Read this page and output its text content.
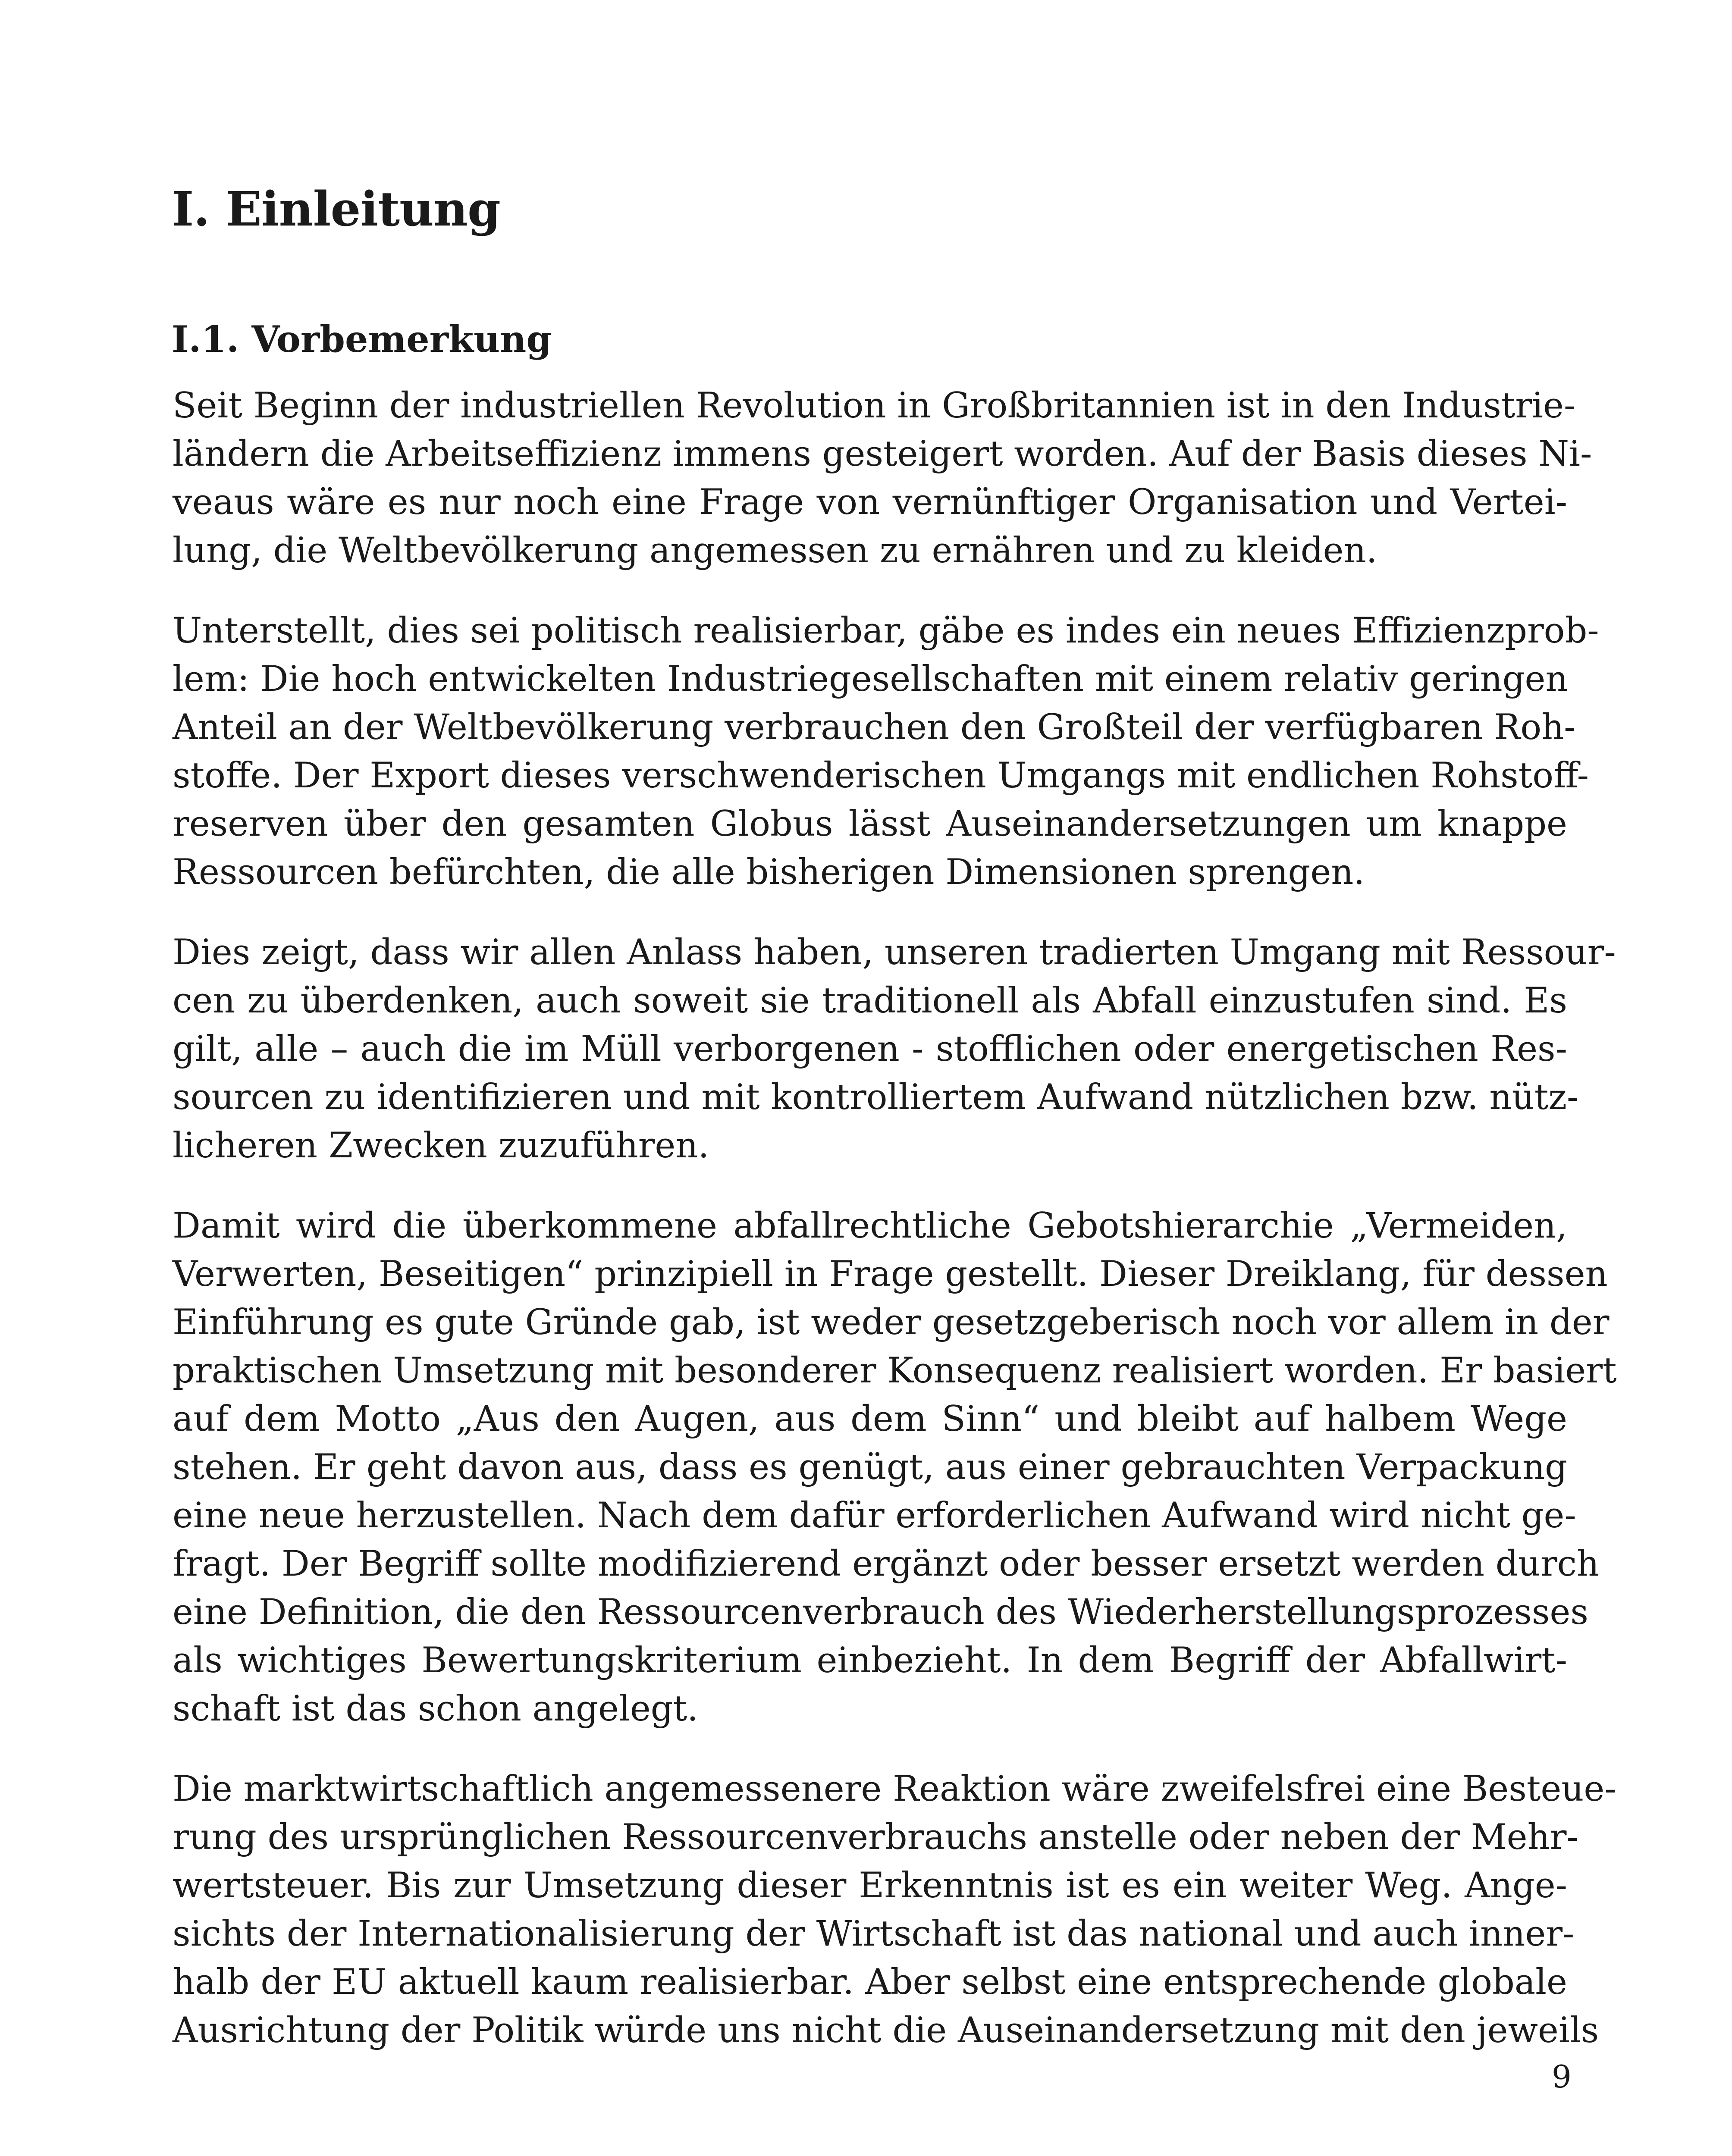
I. Einleitung
I.1. Vorbemerkung

Seit Beginn der industriellen Revolution in Großbritannien ist in den Industrie-
ländern die Arbeitseffizienz immens gesteigert worden. Auf der Basis dieses Ni-
veaus wäre es nur noch eine Frage von vernünftiger Organisation und Vertei-
lung, die Weltbevölkerung angemessen zu ernähren und zu kleiden.

Unterstellt, dies sei politisch realisierbar, gäbe es indes ein neues Effizienzprob-
lem: Die hoch entwickelten Industriegesellschaften mit einem relativ geringen
Anteil an der Weltbevölkerung verbrauchen den Großteil der verfügbaren Roh-
stoffe. Der Export dieses verschwenderischen Umgangs mit endlichen Rohstoff-
reserven über den gesamten Globus lässt Auseinandersetzungen um knappe
Ressourcen befürchten, die alle bisherigen Dimensionen sprengen.

Dies zeigt, dass wir allen Anlass haben, unseren tradierten Umgang mit Ressour-
cen zu überdenken, auch soweit sie traditionell als Abfall einzustufen sind. Es
gilt, alle – auch die im Müll verborgenen - stofflichen oder energetischen Res-
sourcen zu identifizieren und mit kontrolliertem Aufwand nützlichen bzw. nütz-
licheren Zwecken zuzuführen.

Damit wird die überkommene abfallrechtliche Gebotshierarchie „Vermeiden,
Verwerten, Beseitigen“ prinzipiell in Frage gestellt. Dieser Dreiklang, für dessen
Einführung es gute Gründe gab, ist weder gesetzgeberisch noch vor allem in der
praktischen Umsetzung mit besonderer Konsequenz realisiert worden. Er basiert
auf dem Motto „Aus den Augen, aus dem Sinn“ und bleibt auf halbem Wege
stehen. Er geht davon aus, dass es genügt, aus einer gebrauchten Verpackung
eine neue herzustellen. Nach dem dafür erforderlichen Aufwand wird nicht ge-
fragt. Der Begriff sollte modifizierend ergänzt oder besser ersetzt werden durch
eine Definition, die den Ressourcenverbrauch des Wiederherstellungsprozesses
als wichtiges Bewertungskriterium einbezieht. In dem Begriff der Abfallwirt-
schaft ist das schon angelegt.

Die marktwirtschaftlich angemessenere Reaktion wäre zweifelsfrei eine Besteue-
rung des ursprünglichen Ressourcenverbrauchs anstelle oder neben der Mehr-
wertsteuer. Bis zur Umsetzung dieser Erkenntnis ist es ein weiter Weg. Ange-
sichts der Internationalisierung der Wirtschaft ist das national und auch inner-
halb der EU aktuell kaum realisierbar. Aber selbst eine entsprechende globale
Ausrichtung der Politik würde uns nicht die Auseinandersetzung mit den jeweils

9
